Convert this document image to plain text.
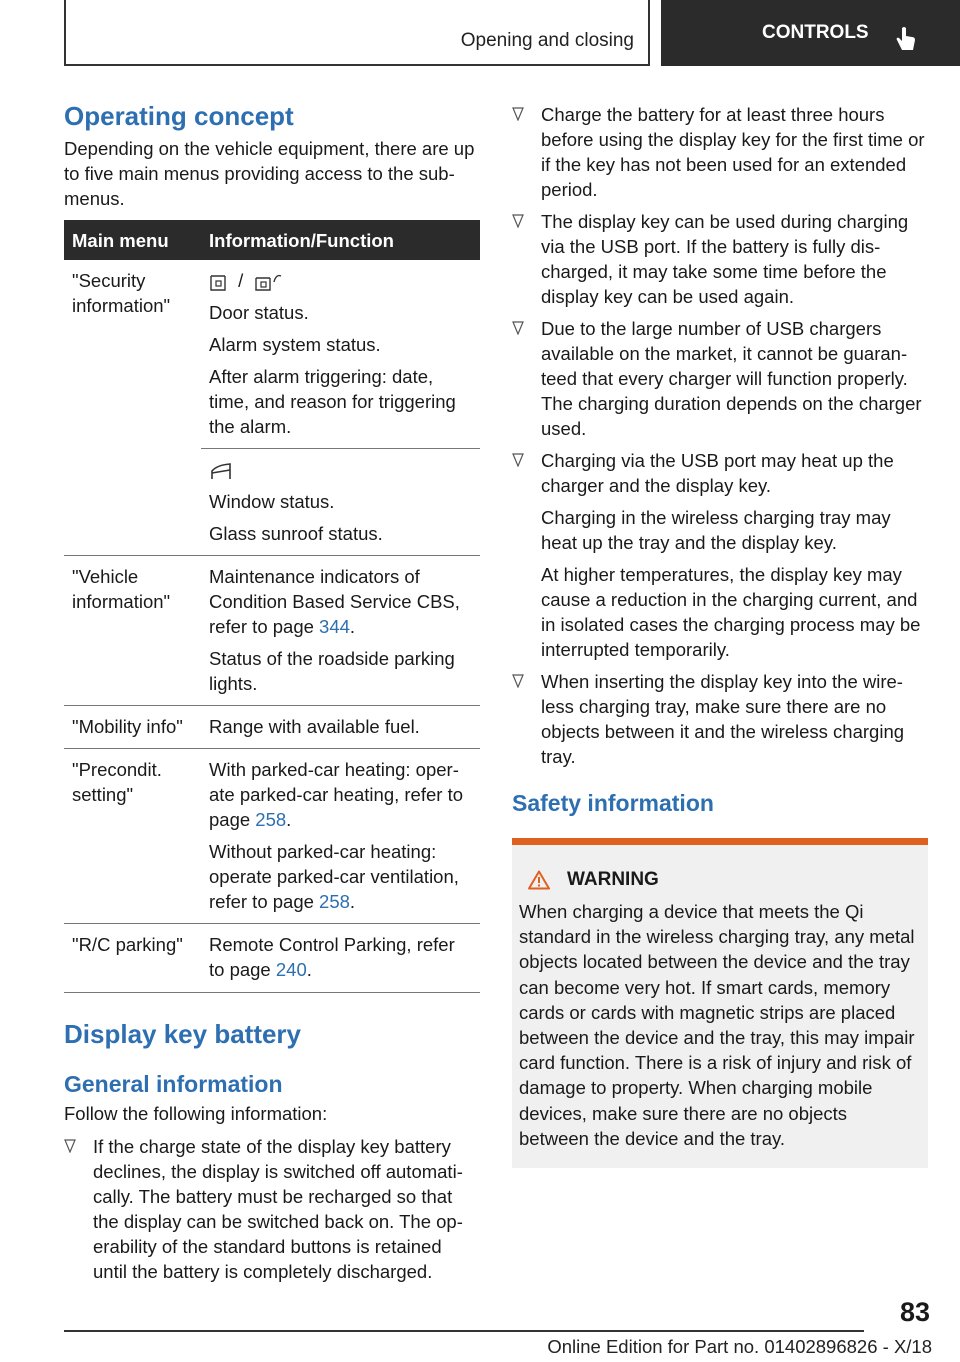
Opening and closing	CONTROLS
Operating concept
Depending on the vehicle equipment, there are up to five main menus providing access to the sub-menus.
Main menu	Information/Function
"Security information"	/
Door status.
Alarm system status.
After alarm triggering: date, time, and reason for triggering the alarm.

	Window status.
Glass sunroof status.

"Vehicle information"	Maintenance indicators of Condition Based Service CBS, refer to page 344.
Status of the roadside parking lights.

"Mobility info"	Range with available fuel.
"Precondit. setting"	With parked-car heating: operate parked-car heating, refer to page 258.
Without parked-car heating: operate parked-car ventilation, refer to page 258.

"R/C parking"	Remote Control Parking, refer to page 240.
Display key battery
General information
Follow the following information:
If the charge state of the display key battery declines, the display is switched off automatically. The battery must be recharged so that the display can be switched back on. The operability of the standard buttons is retained until the battery is completely discharged.
Charge the battery for at least three hours before using the display key for the first time or if the key has not been used for an extended period.
The display key can be used during charging via the USB port. If the battery is fully discharged, it may take some time before the display key can be used again.
Due to the large number of USB chargers available on the market, it cannot be guaranteed that every charger will function properly. The charging duration depends on the charger used.
Charging via the USB port may heat up the charger and the display key.
Charging in the wireless charging tray may heat up the tray and the display key.
At higher temperatures, the display key may cause a reduction in the charging current, and in isolated cases the charging process may be interrupted temporarily.
When inserting the display key into the wireless charging tray, make sure there are no objects between it and the wireless charging tray.
Safety information
WARNING
When charging a device that meets the Qi standard in the wireless charging tray, any metal objects located between the device and the tray can become very hot. If smart cards, memory cards or cards with magnetic strips are placed between the device and the tray, this may impair card function. There is a risk of injury and risk of damage to property. When charging mobile devices, make sure there are no objects between the device and the tray.
83
Online Edition for Part no. 01402896826 - X/18
